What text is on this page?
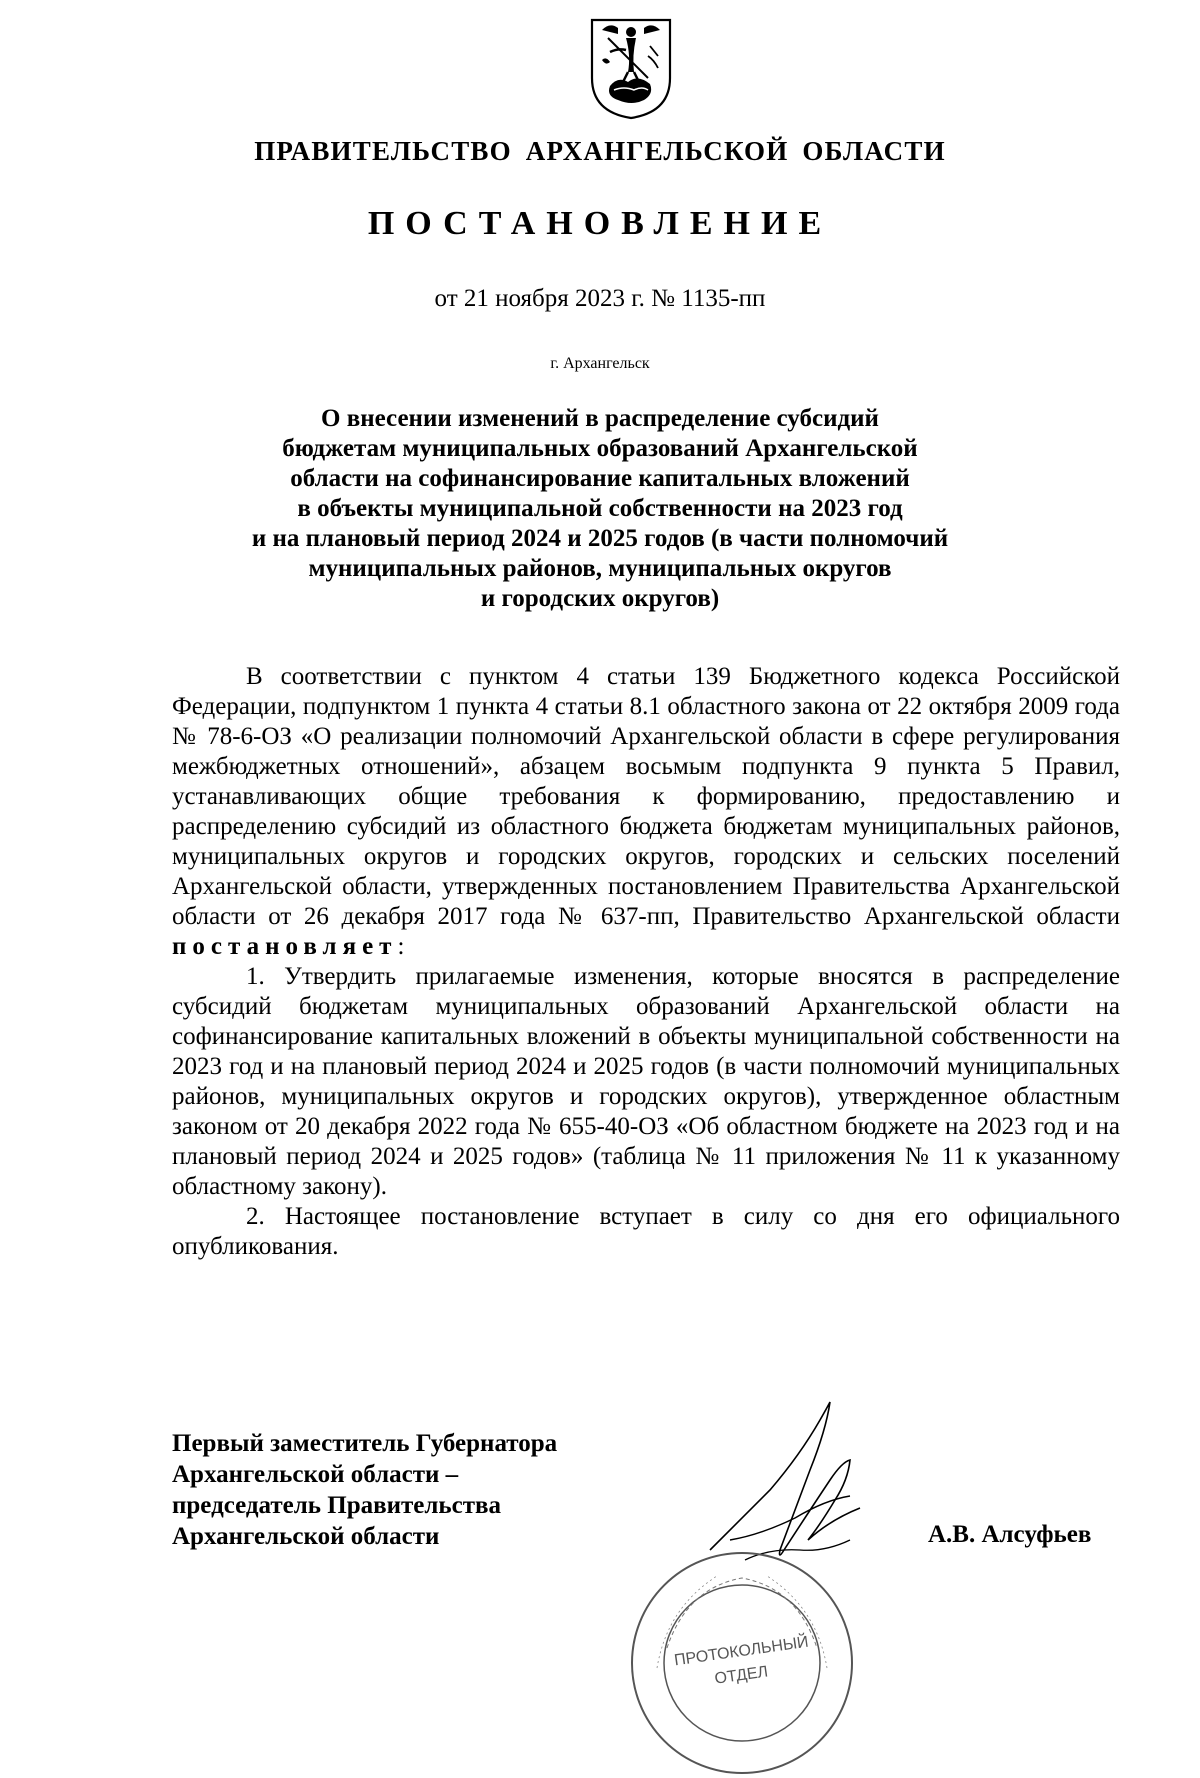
ПРАВИТЕЛЬСТВО АРХАНГЕЛЬСКОЙ ОБЛАСТИ
ПОСТАНОВЛЕНИЕ
от 21 ноября 2023 г. № 1135-пп
г. Архангельск
О внесении изменений в распределение субсидий
бюджетам муниципальных образований Архангельской
области на софинансирование капитальных вложений
в объекты муниципальной собственности на 2023 год
и на плановый период 2024 и 2025 годов (в части полномочий
муниципальных районов, муниципальных округов
и городских округов)

В соответствии с пунктом 4 статьи 139 Бюджетного кодекса Российской Федерации, подпунктом 1 пункта 4 статьи 8.1 областного закона от 22 октября 2009 года № 78-6-ОЗ «О реализации полномочий Архангельской области в сфере регулирования межбюджетных отношений», абзацем восьмым подпункта 9 пункта 5 Правил, устанавливающих общие требования к формированию, предоставлению и распределению субсидий из областного бюджета бюджетам муниципальных районов, муниципальных округов и городских округов, городских и сельских поселений Архангельской области, утвержденных постановлением Правительства Архангельской области от 26 декабря 2017 года № 637-пп, Правительство Архангельской области постановляет:

1. Утвердить прилагаемые изменения, которые вносятся в распределение субсидий бюджетам муниципальных образований Архангельской области на софинансирование капитальных вложений в объекты муниципальной собственности на 2023 год и на плановый период 2024 и 2025 годов (в части полномочий муниципальных районов, муниципальных округов и городских округов), утвержденное областным законом от 20 декабря 2022 года № 655-40-ОЗ «Об областном бюджете на 2023 год и на плановый период 2024 и 2025 годов» (таблица № 11 приложения № 11 к указанному областному закону).

2. Настоящее постановление вступает в силу со дня его официального опубликования.

Первый заместитель Губернатора
Архангельской области –
председатель Правительства
Архангельской области
ПРОТОКОЛЬНЫЙ
ОТДЕЛ
А.В. Алсуфьев
